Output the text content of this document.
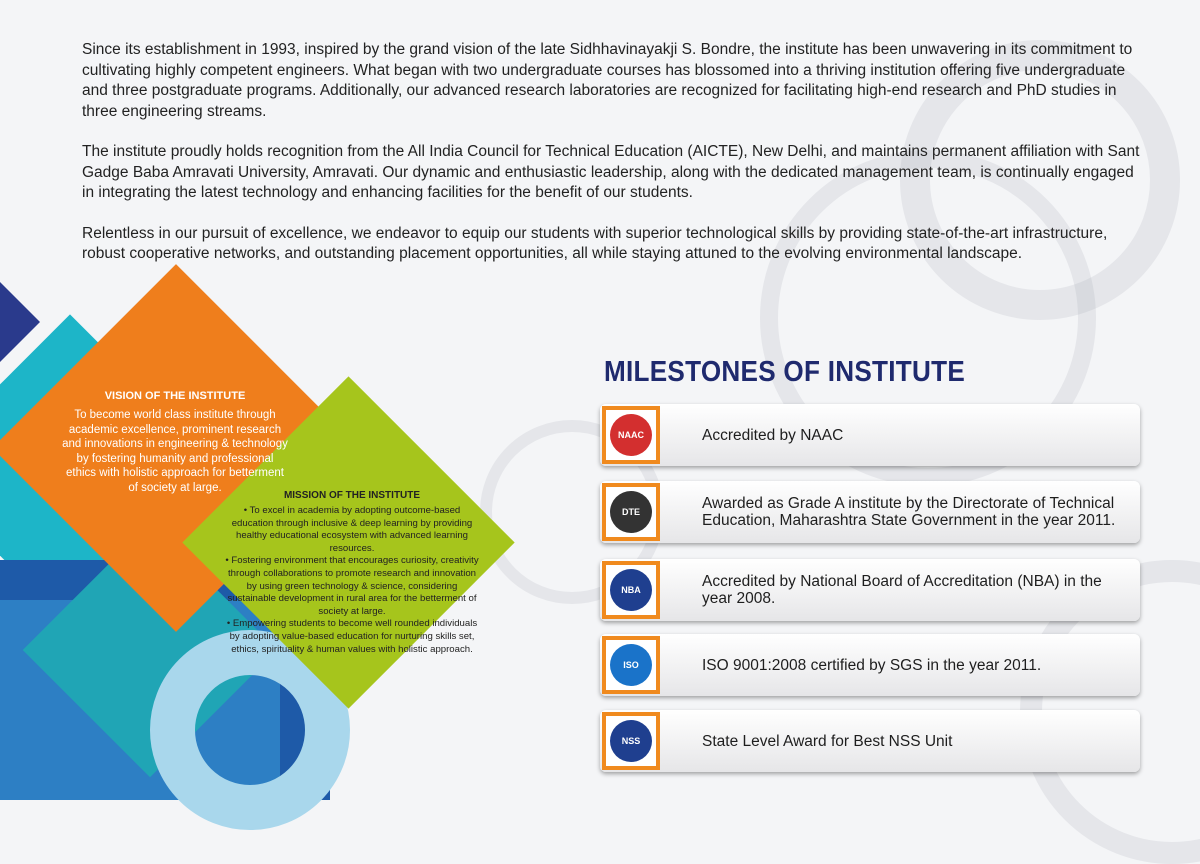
Since its establishment in 1993, inspired by the grand vision of the late Sidhhavinayakji S. Bondre, the institute has been unwavering in its commitment to cultivating highly competent engineers. What began with two undergraduate courses has blossomed into a thriving institution offering five undergraduate and three postgraduate programs. Additionally, our advanced research laboratories are recognized for facilitating high-end research and PhD studies in three engineering streams.

The institute proudly holds recognition from the All India Council for Technical Education (AICTE), New Delhi, and maintains permanent affiliation with Sant Gadge Baba Amravati University, Amravati. Our dynamic and enthusiastic leadership, along with the dedicated management team, is continually engaged in integrating the latest technology and enhancing facilities for the benefit of our students.

Relentless in our pursuit of excellence, we endeavor to equip our students with superior technological skills by providing state-of-the-art infrastructure, robust cooperative networks, and outstanding placement opportunities, all while staying attuned to the evolving environmental landscape.

VISION OF THE INSTITUTE
To become world class institute through academic excellence, prominent research and innovations in engineering & technology by fostering humanity and professional ethics with holistic approach for betterment of society at large.
MISSION OF THE INSTITUTE
• To excel in academia by adopting outcome-based education through inclusive & deep learning by providing healthy educational ecosystem with advanced learning resources.
• Fostering environment that encourages curiosity, creativity through collaborations to promote research and innovation by using green technology & science, considering sustainable development in rural area for the betterment of society at large.
• Empowering students to become well rounded individuals by adopting value-based education for nurturing skills set, ethics, spirituality & human values with holistic approach.
MILESTONES OF INSTITUTE
NAAC	Accredited by NAAC
DTE	Awarded as Grade A institute by the Directorate of Technical Education, Maharashtra State Government in the year 2011.
NBA	Accredited by National Board of Accreditation (NBA) in the year 2008.
ISO	ISO 9001:2008 certified by SGS in the year 2011.
NSS	State Level Award for Best NSS Unit
